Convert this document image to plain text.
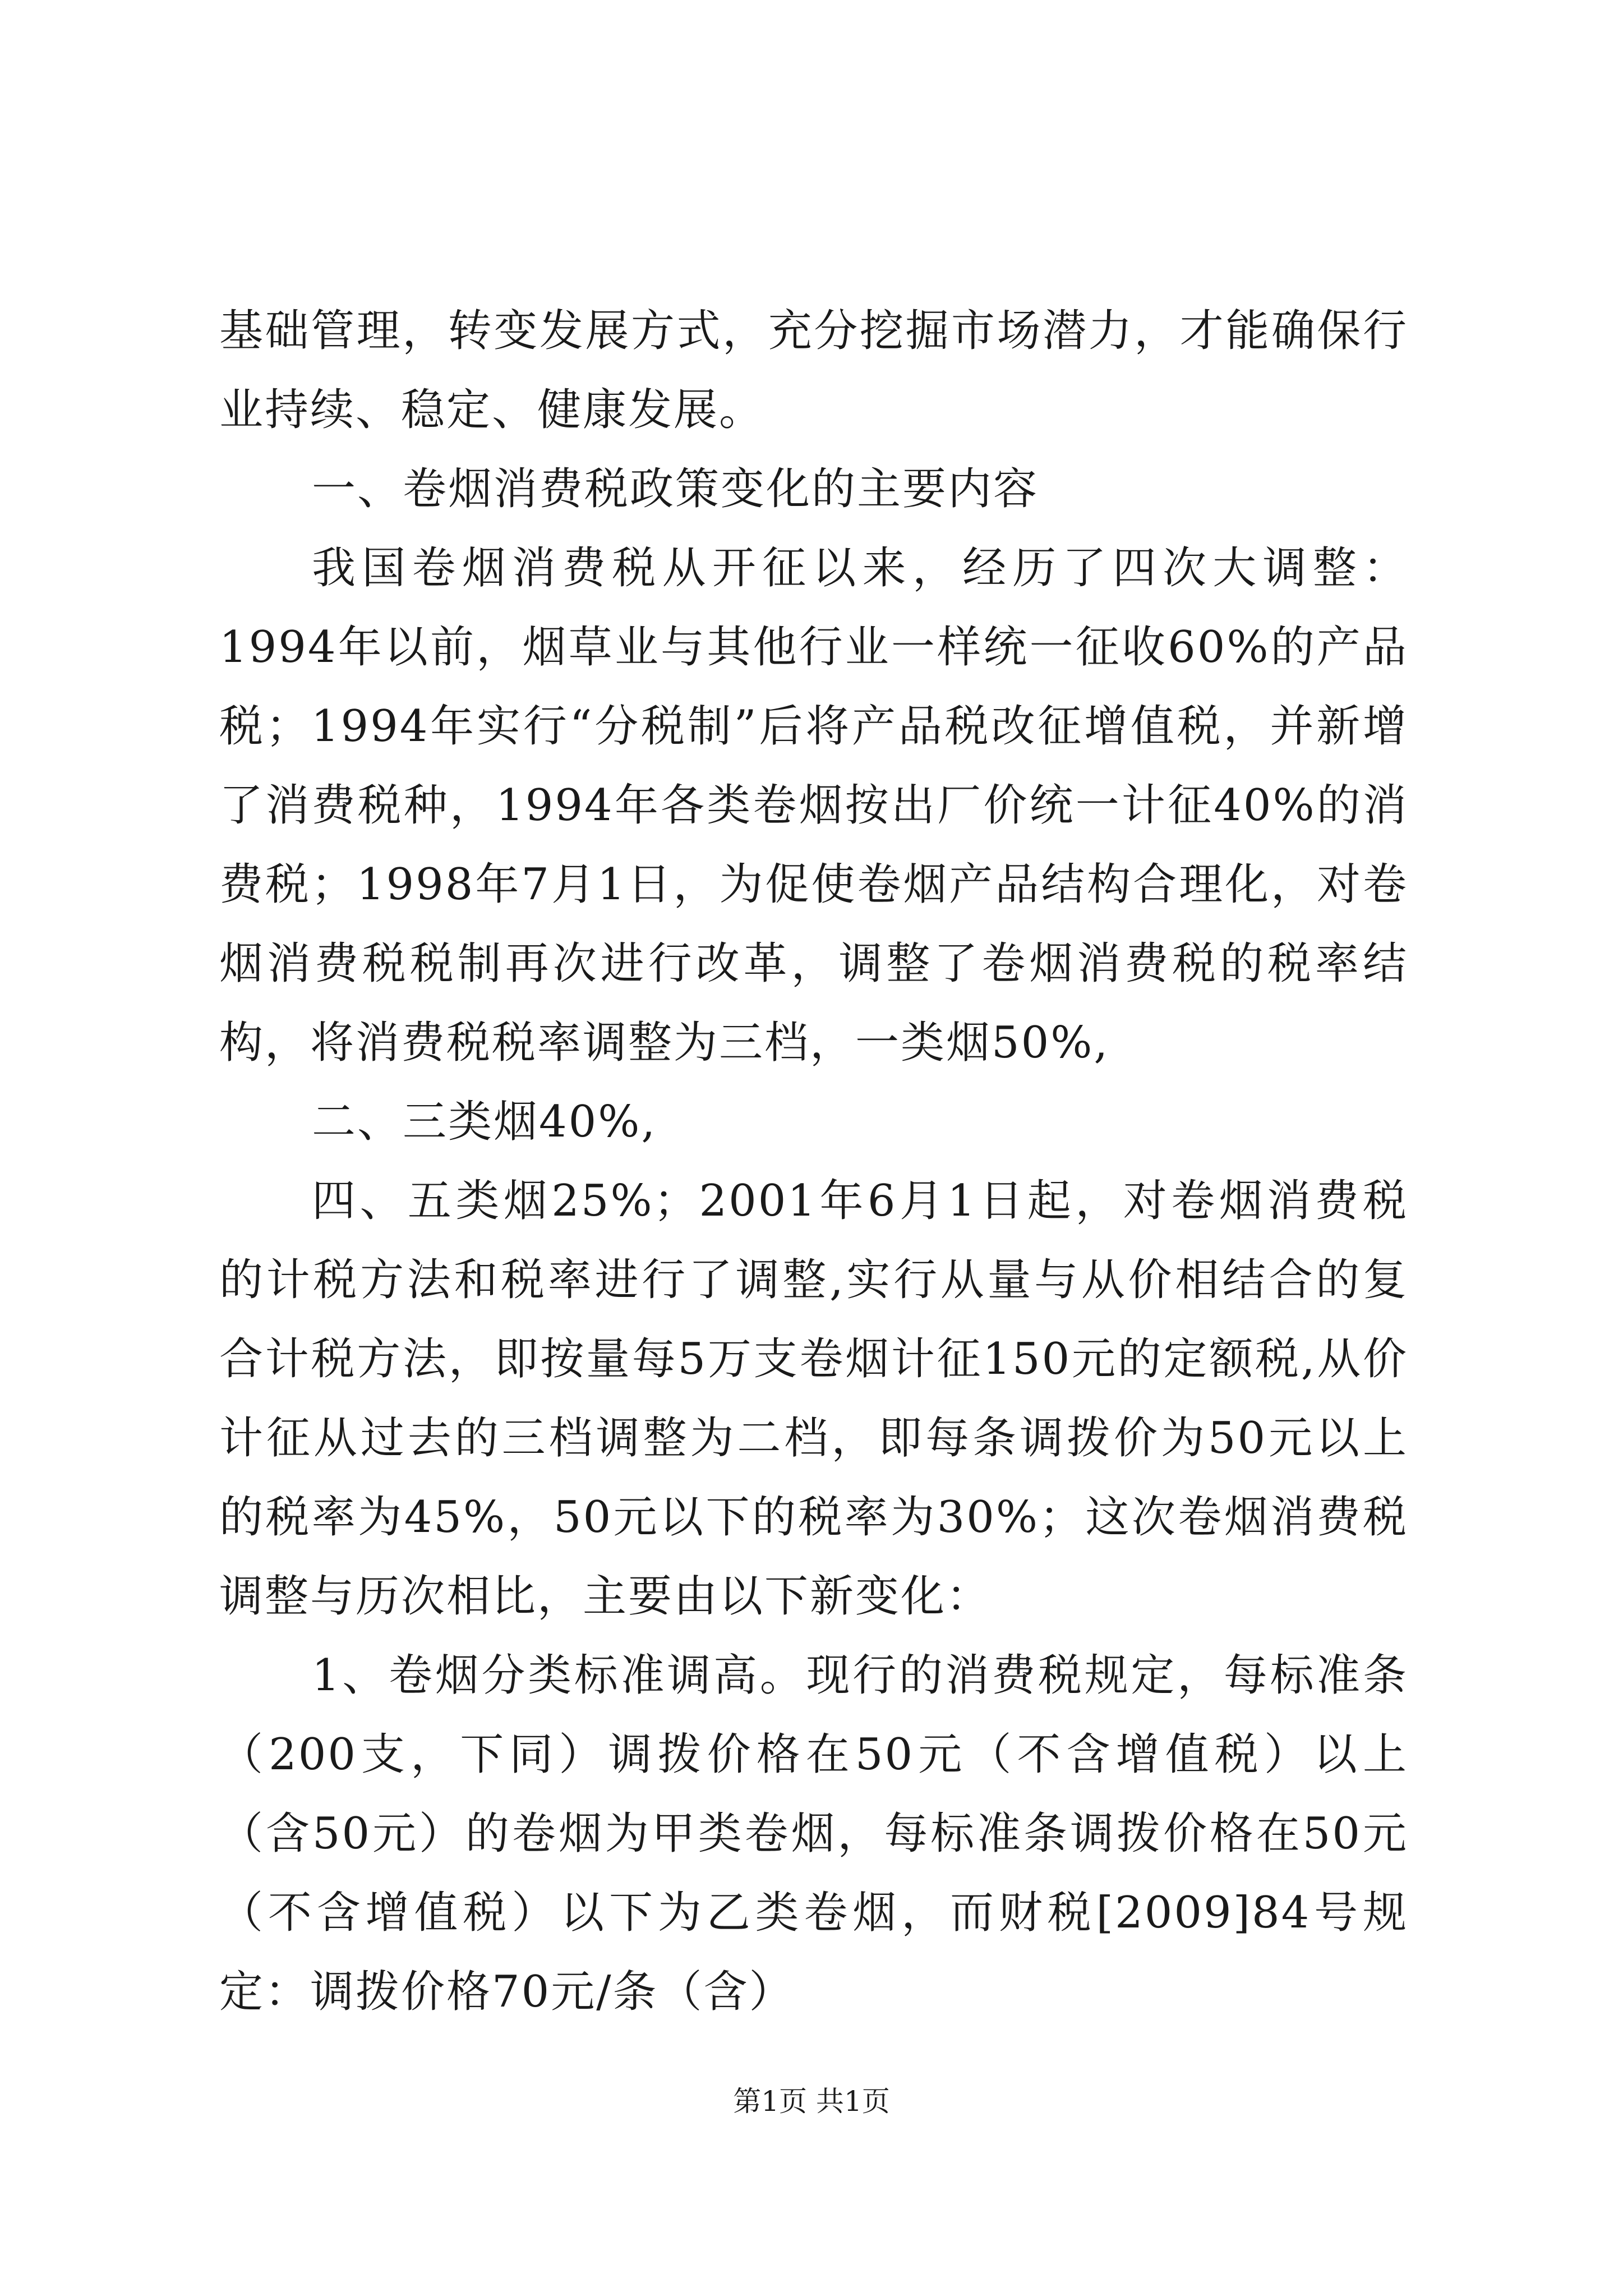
基础管理，转变发展方式，充分挖掘市场潜力，才能确保行业持续、稳定、健康发展。

一、卷烟消费税政策变化的主要内容

我国卷烟消费税从开征以来，经历了四次大调整：1994年以前，烟草业与其他行业一样统一征收60%的产品税；1994年实行“分税制”后将产品税改征增值税，并新增了消费税种，1994年各类卷烟按出厂价统一计征40%的消费税；1998年7月1日，为促使卷烟产品结构合理化，对卷烟消费税税制再次进行改革，调整了卷烟消费税的税率结构，将消费税税率调整为三档，一类烟50%,

二、三类烟40%,

四、五类烟25%；2001年6月1日起，对卷烟消费税的计税方法和税率进行了调整,实行从量与从价相结合的复合计税方法，即按量每5万支卷烟计征150元的定额税,从价计征从过去的三档调整为二档，即每条调拨价为50元以上的税率为45%，50元以下的税率为30%；这次卷烟消费税调整与历次相比，主要由以下新变化：

1、卷烟分类标准调高。现行的消费税规定，每标准条（200支，下同）调拨价格在50元（不含增值税）以上（含50元）的卷烟为甲类卷烟，每标准条调拨价格在50元（不含增值税）以下为乙类卷烟，而财税[2009]84号规定：调拨价格70元/条（含）

第1页 共1页
